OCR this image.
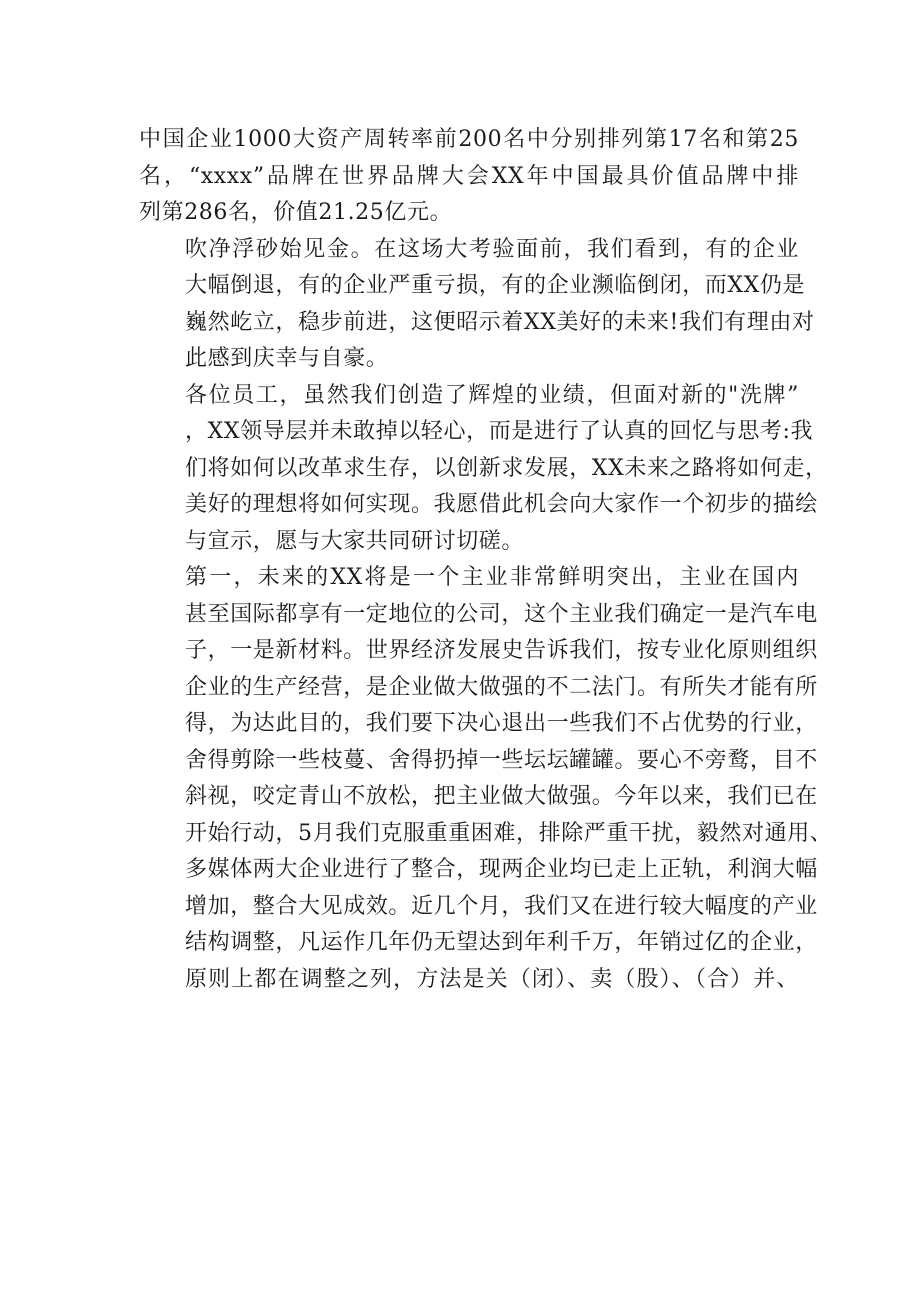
中国企业1000大资产周转率前200名中分别排列第17名和第25
名，“xxxx”品牌在世界品牌大会XX年中国最具价值品牌中排
列第286名，价值21.25亿元。

吹净浮砂始见金。在这场大考验面前，我们看到，有的企业
大幅倒退，有的企业严重亏损，有的企业濒临倒闭，而XX仍是
巍然屹立，稳步前进，这便昭示着XX美好的未来!我们有理由对
此感到庆幸与自豪。

各位员工，虽然我们创造了辉煌的业绩，但面对新的"洗牌”
，XX领导层并未敢掉以轻心，而是进行了认真的回忆与思考:我
们将如何以改革求生存，以创新求发展，XX未来之路将如何走，
美好的理想将如何实现。我愿借此机会向大家作一个初步的描绘
与宣示，愿与大家共同研讨切磋。

第一，未来的XX将是一个主业非常鲜明突出，主业在国内
甚至国际都享有一定地位的公司，这个主业我们确定一是汽车电
子，一是新材料。世界经济发展史告诉我们，按专业化原则组织
企业的生产经营，是企业做大做强的不二法门。有所失才能有所
得，为达此目的，我们要下决心退出一些我们不占优势的行业，
舍得剪除一些枝蔓、舍得扔掉一些坛坛罐罐。要心不旁鹜，目不
斜视，咬定青山不放松，把主业做大做强。今年以来，我们已在
开始行动，5月我们克服重重困难，排除严重干扰，毅然对通用、
多媒体两大企业进行了整合，现两企业均已走上正轨，利润大幅
增加，整合大见成效。近几个月，我们又在进行较大幅度的产业
结构调整，凡运作几年仍无望达到年利千万，年销过亿的企业，
原则上都在调整之列，方法是关（闭）、卖（股）、（合）并、
